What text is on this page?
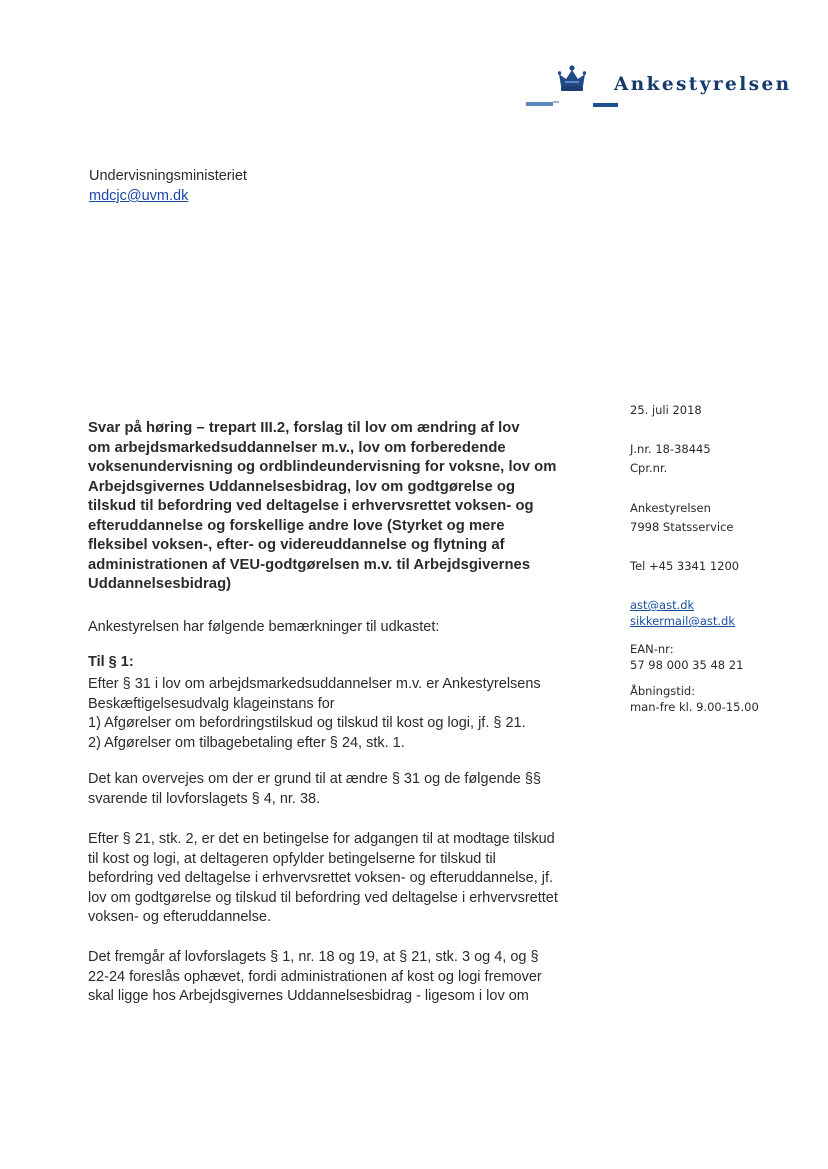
Ankestyrelsen
Undervisningsministeriet
mdcjc@uvm.dk
25. juli 2018
J.nr. 18-38445
Cpr.nr.
Ankestyrelsen
7998 Statsservice
Tel +45 3341 1200
ast@ast.dk
sikkermail@ast.dk
EAN-nr:
57 98 000 35 48 21
Åbningstid:
man-fre kl. 9.00-15.00
Svar på høring – trepart III.2, forslag til lov om ændring af lov
om arbejdsmarkedsuddannelser m.v., lov om forberedende
voksenundervisning og ordblindeundervisning for voksne, lov om
Arbejdsgivernes Uddannelsesbidrag, lov om godtgørelse og
tilskud til befordring ved deltagelse i erhvervsrettet voksen- og
efteruddannelse og forskellige andre love (Styrket og mere
fleksibel voksen-, efter- og videreuddannelse og flytning af
administrationen af VEU-godtgørelsen m.v. til Arbejdsgivernes
Uddannelsesbidrag)
Ankestyrelsen har følgende bemærkninger til udkastet:
Til § 1:
Efter § 31 i lov om arbejdsmarkedsuddannelser m.v. er Ankestyrelsens
Beskæftigelsesudvalg klageinstans for
1) Afgørelser om befordringstilskud og tilskud til kost og logi, jf. § 21.
2) Afgørelser om tilbagebetaling efter § 24, stk. 1.
Det kan overvejes om der er grund til at ændre § 31 og de følgende §§
svarende til lovforslagets § 4, nr. 38.
Efter § 21, stk. 2, er det en betingelse for adgangen til at modtage tilskud
til kost og logi, at deltageren opfylder betingelserne for tilskud til
befordring ved deltagelse i erhvervsrettet voksen- og efteruddannelse, jf.
lov om godtgørelse og tilskud til befordring ved deltagelse i erhvervsrettet
voksen- og efteruddannelse.
Det fremgår af lovforslagets § 1, nr. 18 og 19, at § 21, stk. 3 og 4, og §
22-24 foreslås ophævet, fordi administrationen af kost og logi fremover
skal ligge hos Arbejdsgivernes Uddannelsesbidrag - ligesom i lov om
